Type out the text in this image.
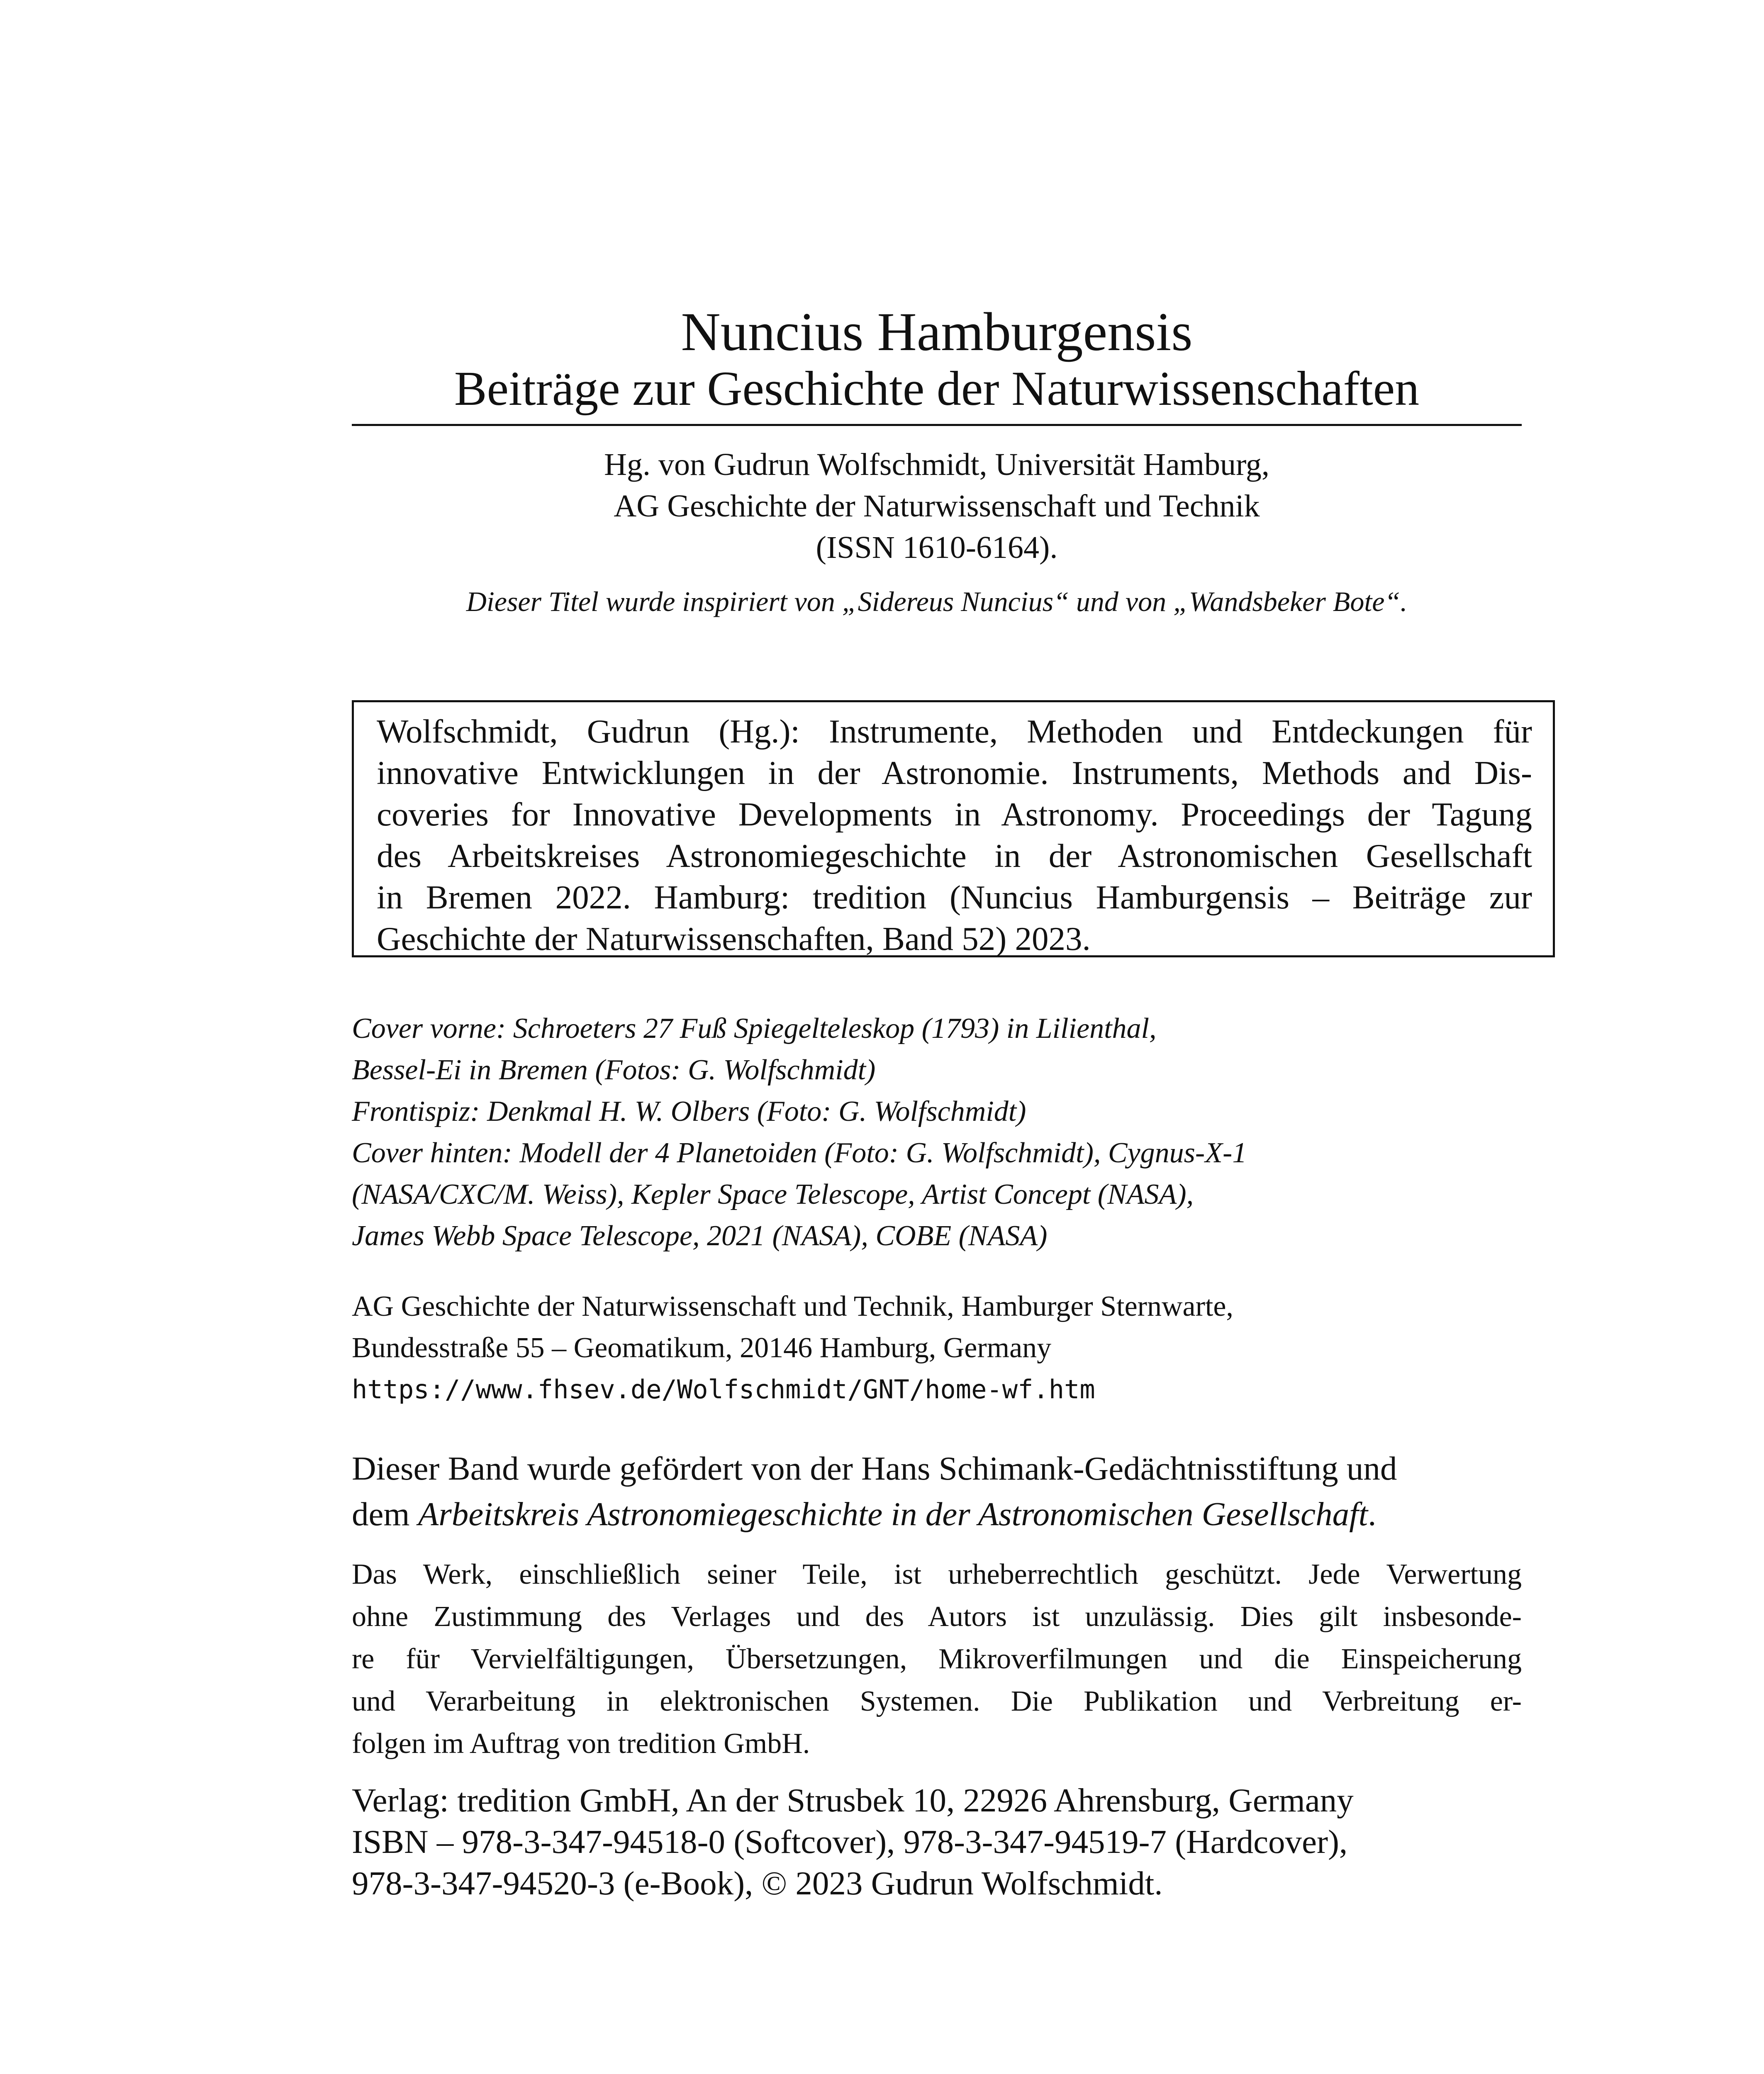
Nuncius Hamburgensis
Beiträge zur Geschichte der Naturwissenschaften
Hg. von Gudrun Wolfschmidt, Universität Hamburg,
AG Geschichte der Naturwissenschaft und Technik
(ISSN 1610-6164).
Dieser Titel wurde inspiriert von „Sidereus Nuncius“ und von „Wandsbeker Bote“.
Wolfschmidt, Gudrun (Hg.): Instrumente, Methoden und Entdeckungen für
innovative Entwicklungen in der Astronomie. Instruments, Methods and Dis-
coveries for Innovative Developments in Astronomy. Proceedings der Tagung
des Arbeitskreises Astronomiegeschichte in der Astronomischen Gesellschaft
in Bremen 2022. Hamburg: tredition (Nuncius Hamburgensis – Beiträge zur
Geschichte der Naturwissenschaften, Band 52) 2023.
Cover vorne: Schroeters 27 Fuß Spiegelteleskop (1793) in Lilienthal,
Bessel-Ei in Bremen (Fotos: G. Wolfschmidt)
Frontispiz: Denkmal H. W. Olbers (Foto: G. Wolfschmidt)
Cover hinten: Modell der 4 Planetoiden (Foto: G. Wolfschmidt), Cygnus-X-1
(NASA/CXC/M. Weiss), Kepler Space Telescope, Artist Concept (NASA),
James Webb Space Telescope, 2021 (NASA), COBE (NASA)
AG Geschichte der Naturwissenschaft und Technik, Hamburger Sternwarte,
Bundesstraße 55 – Geomatikum, 20146 Hamburg, Germany
https://www.fhsev.de/Wolfschmidt/GNT/home-wf.htm
Dieser Band wurde gefördert von der Hans Schimank-Gedächtnisstiftung und
dem Arbeitskreis Astronomiegeschichte in der Astronomischen Gesellschaft.
Das Werk, einschließlich seiner Teile, ist urheberrechtlich geschützt. Jede Verwertung
ohne Zustimmung des Verlages und des Autors ist unzulässig. Dies gilt insbesonde-
re für Vervielfältigungen, Übersetzungen, Mikroverfilmungen und die Einspeicherung
und Verarbeitung in elektronischen Systemen. Die Publikation und Verbreitung er-
folgen im Auftrag von tredition GmbH.
Verlag: tredition GmbH, An der Strusbek 10, 22926 Ahrensburg, Germany
ISBN – 978-3-347-94518-0 (Softcover), 978-3-347-94519-7 (Hardcover),
978-3-347-94520-3 (e-Book), © 2023 Gudrun Wolfschmidt.
